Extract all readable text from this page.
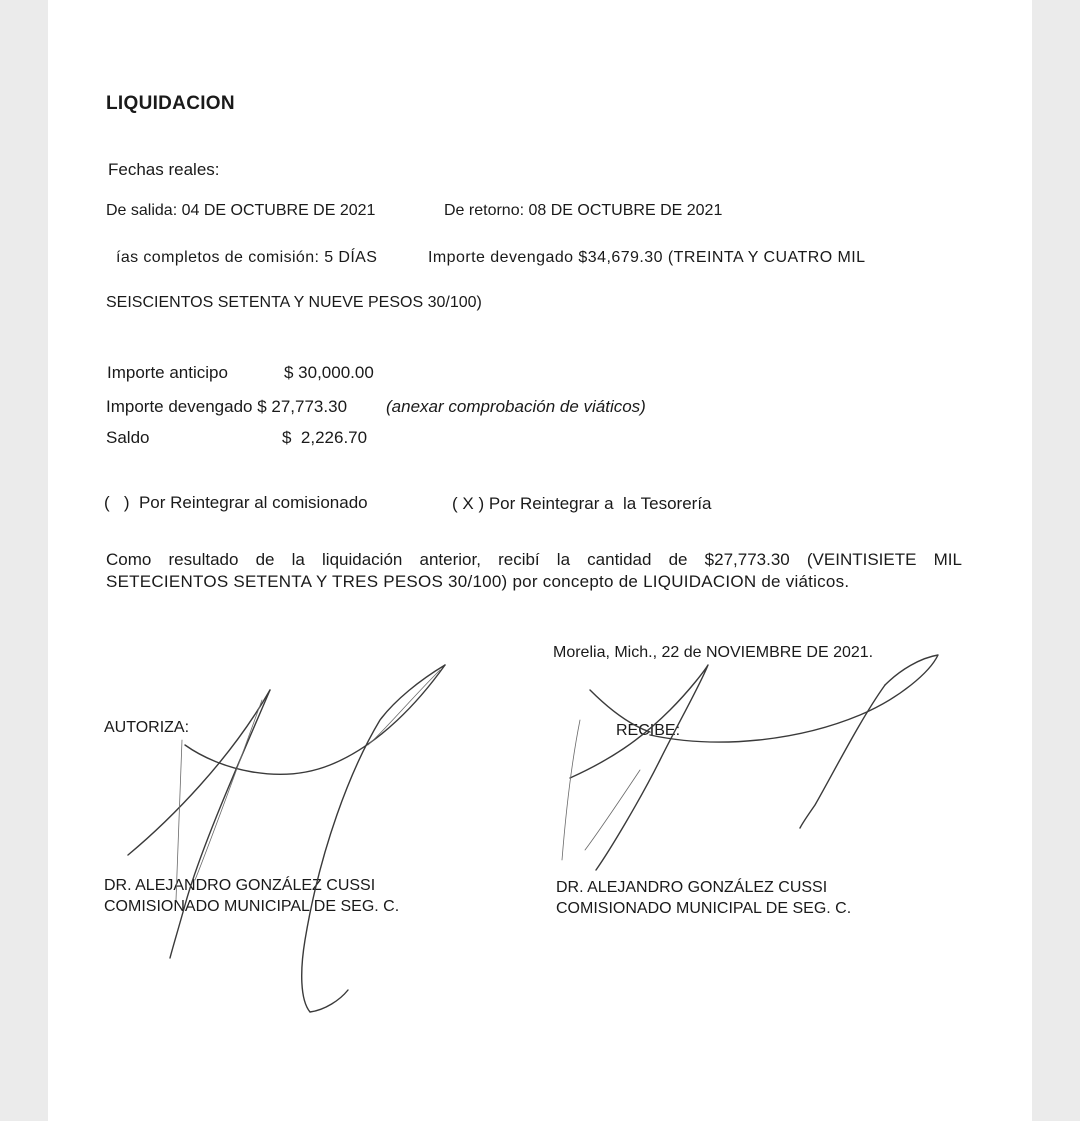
LIQUIDACION
Fechas reales:
De salida: 04 DE OCTUBRE DE 2021	De retorno: 08 DE OCTUBRE DE 2021
ías completos de comisión: 5 DÍAS	Importe devengado $34,679.30 (TREINTA Y CUATRO MIL
SEISCIENTOS SETENTA Y NUEVE PESOS 30/100)
Importe anticipo	$ 30,000.00
Importe devengado $ 27,773.30 (anexar comprobación de viáticos)
Saldo	$  2,226.70
(   )  Por Reintegrar al comisionado	( X ) Por Reintegrar a  la Tesorería
Como resultado de la liquidación anterior, recibí la cantidad de $27,773.30 (VEINTISIETE MIL
SETECIENTOS SETENTA Y TRES PESOS 30/100) por concepto de LIQUIDACION de viáticos.
Morelia, Mich., 22 de NOVIEMBRE DE 2021.
AUTORIZA:	RECIBE:
DR. ALEJANDRO GONZÁLEZ CUSSI
COMISIONADO MUNICIPAL DE SEG. C.
DR. ALEJANDRO GONZÁLEZ CUSSI
COMISIONADO MUNICIPAL DE SEG. C.
